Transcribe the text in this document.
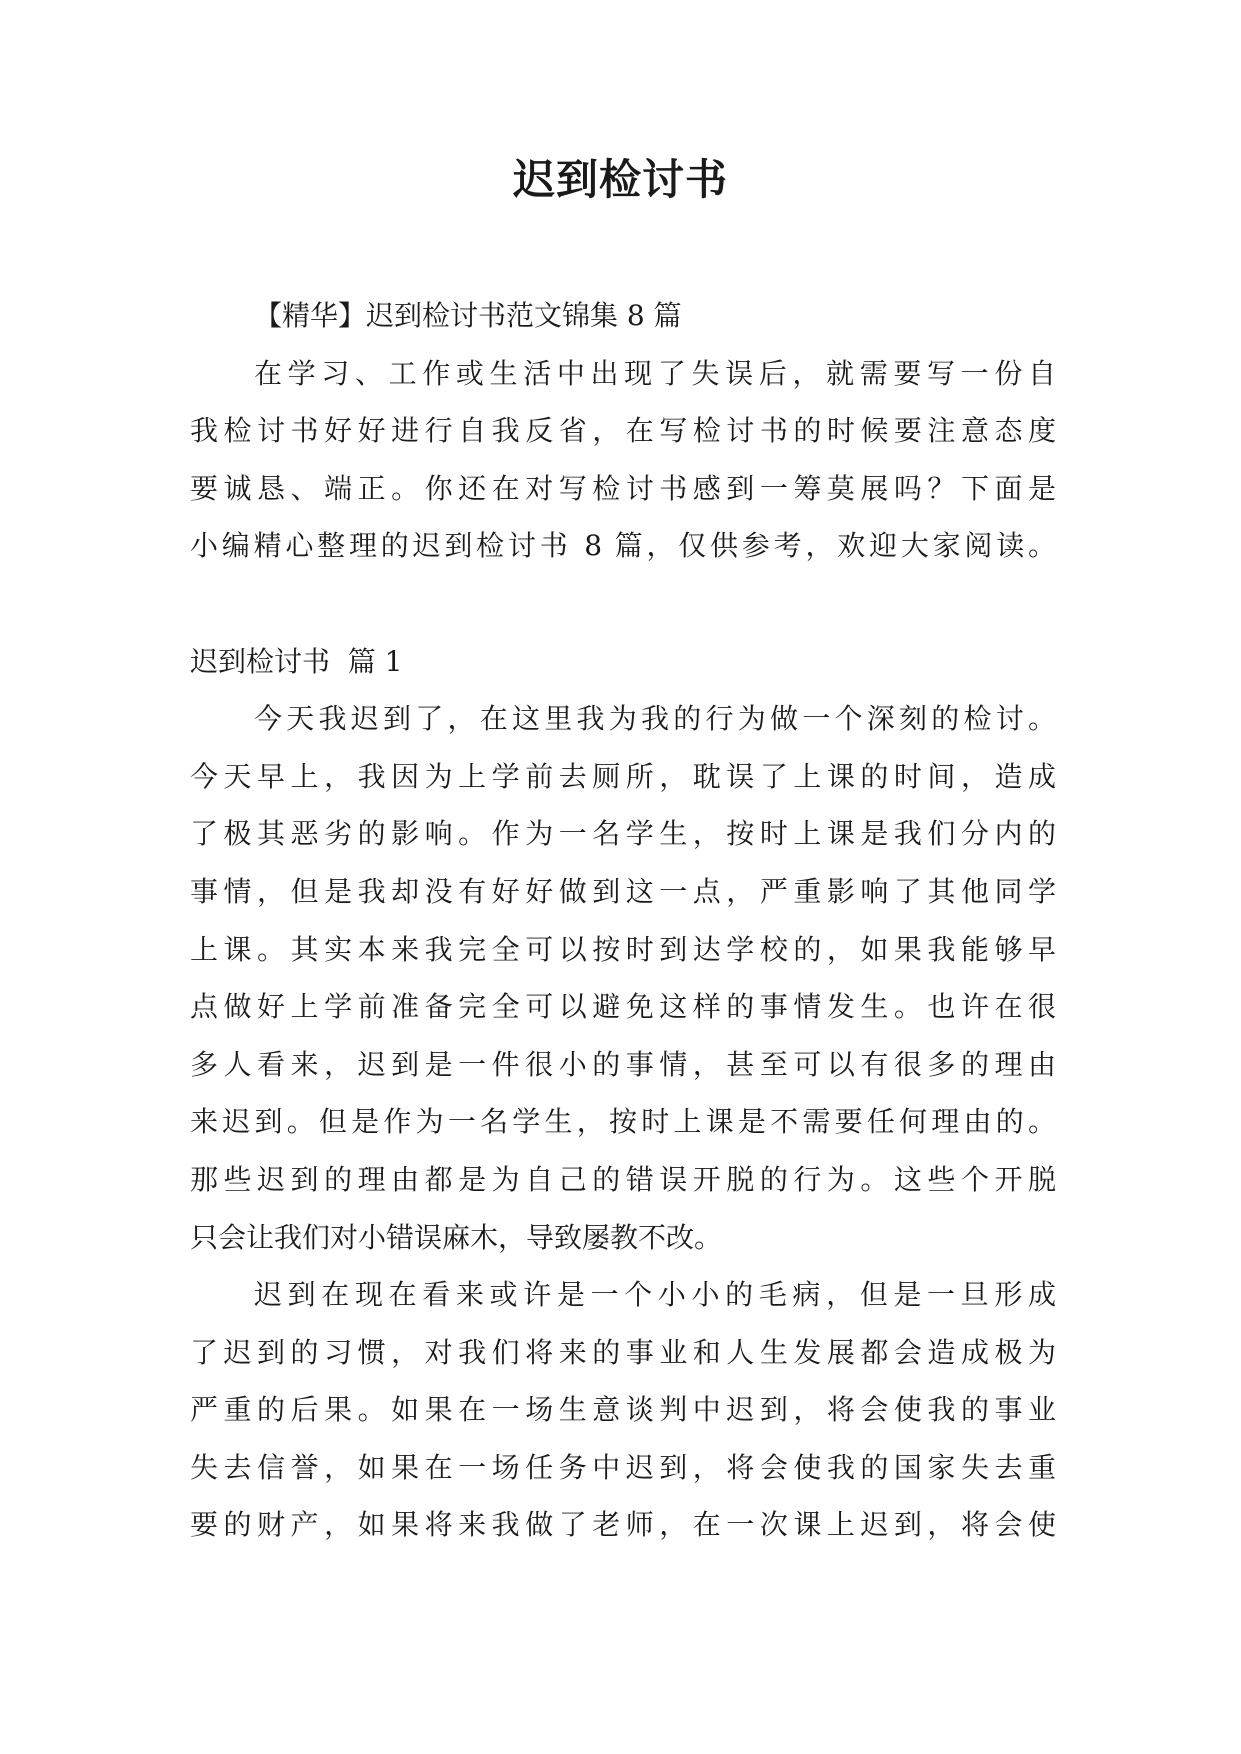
迟到检讨书
【精华】迟到检讨书范文锦集 8 篇
在学习、工作或生活中出现了失误后，就需要写一份自
我检讨书好好进行自我反省，在写检讨书的时候要注意态度
要诚恳、端正。你还在对写检讨书感到一筹莫展吗？下面是
小编精心整理的迟到检讨书 8 篇，仅供参考，欢迎大家阅读。
迟到检讨书  篇 1
今天我迟到了，在这里我为我的行为做一个深刻的检讨。
今天早上，我因为上学前去厕所，耽误了上课的时间，造成
了极其恶劣的影响。作为一名学生，按时上课是我们分内的
事情，但是我却没有好好做到这一点，严重影响了其他同学
上课。其实本来我完全可以按时到达学校的，如果我能够早
点做好上学前准备完全可以避免这样的事情发生。也许在很
多人看来，迟到是一件很小的事情，甚至可以有很多的理由
来迟到。但是作为一名学生，按时上课是不需要任何理由的。
那些迟到的理由都是为自己的错误开脱的行为。这些个开脱
只会让我们对小错误麻木，导致屡教不改。
迟到在现在看来或许是一个小小的毛病，但是一旦形成
了迟到的习惯，对我们将来的事业和人生发展都会造成极为
严重的后果。如果在一场生意谈判中迟到，将会使我的事业
失去信誉，如果在一场任务中迟到，将会使我的国家失去重
要的财产，如果将来我做了老师，在一次课上迟到，将会使
